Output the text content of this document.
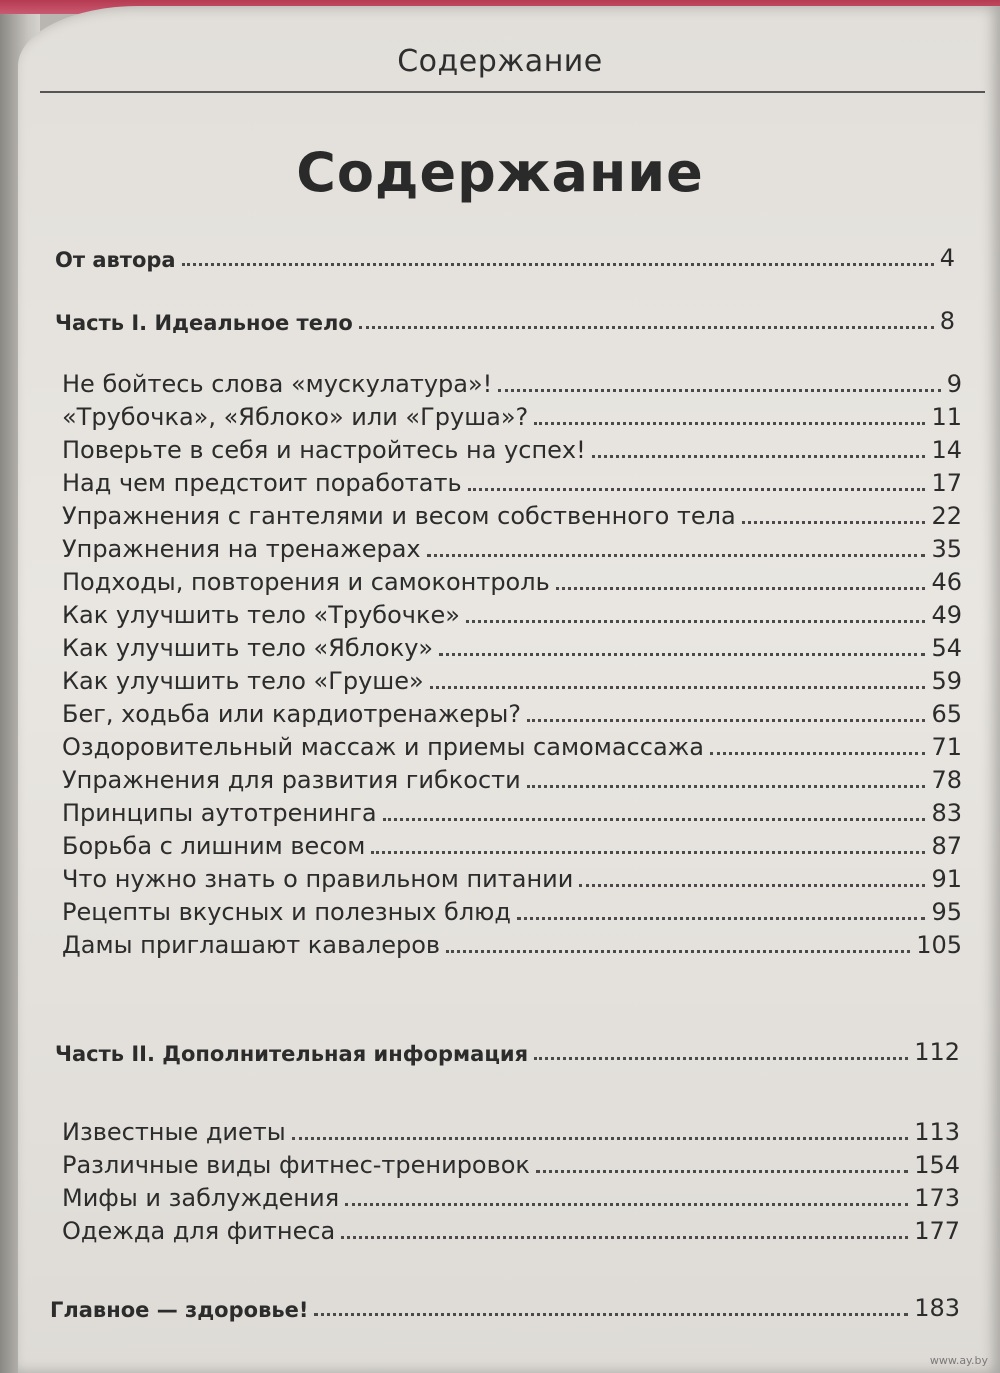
Содержание
Содержание
От автора	4
Часть I. Идеальное тело	8
Не бойтесь слова «мускулатура»!	9
«Трубочка», «Яблоко» или «Груша»?	11
Поверьте в себя и настройтесь на успех!	14
Над чем предстоит поработать	17
Упражнения с гантелями и весом собственного тела	22
Упражнения на тренажерах	35
Подходы, повторения и самоконтроль	46
Как улучшить тело «Трубочке»	49
Как улучшить тело «Яблоку»	54
Как улучшить тело «Груше»	59
Бег, ходьба или кардиотренажеры?	65
Оздоровительный массаж и приемы самомассажа	71
Упражнения для развития гибкости	78
Принципы аутотренинга	83
Борьба с лишним весом	87
Что нужно знать о правильном питании	91
Рецепты вкусных и полезных блюд	95
Дамы приглашают кавалеров	105
Часть II. Дополнительная информация	112
Известные диеты	113
Различные виды фитнес-тренировок	154
Мифы и заблуждения	173
Одежда для фитнеса	177
Главное — здоровье!	183
www.ay.by
